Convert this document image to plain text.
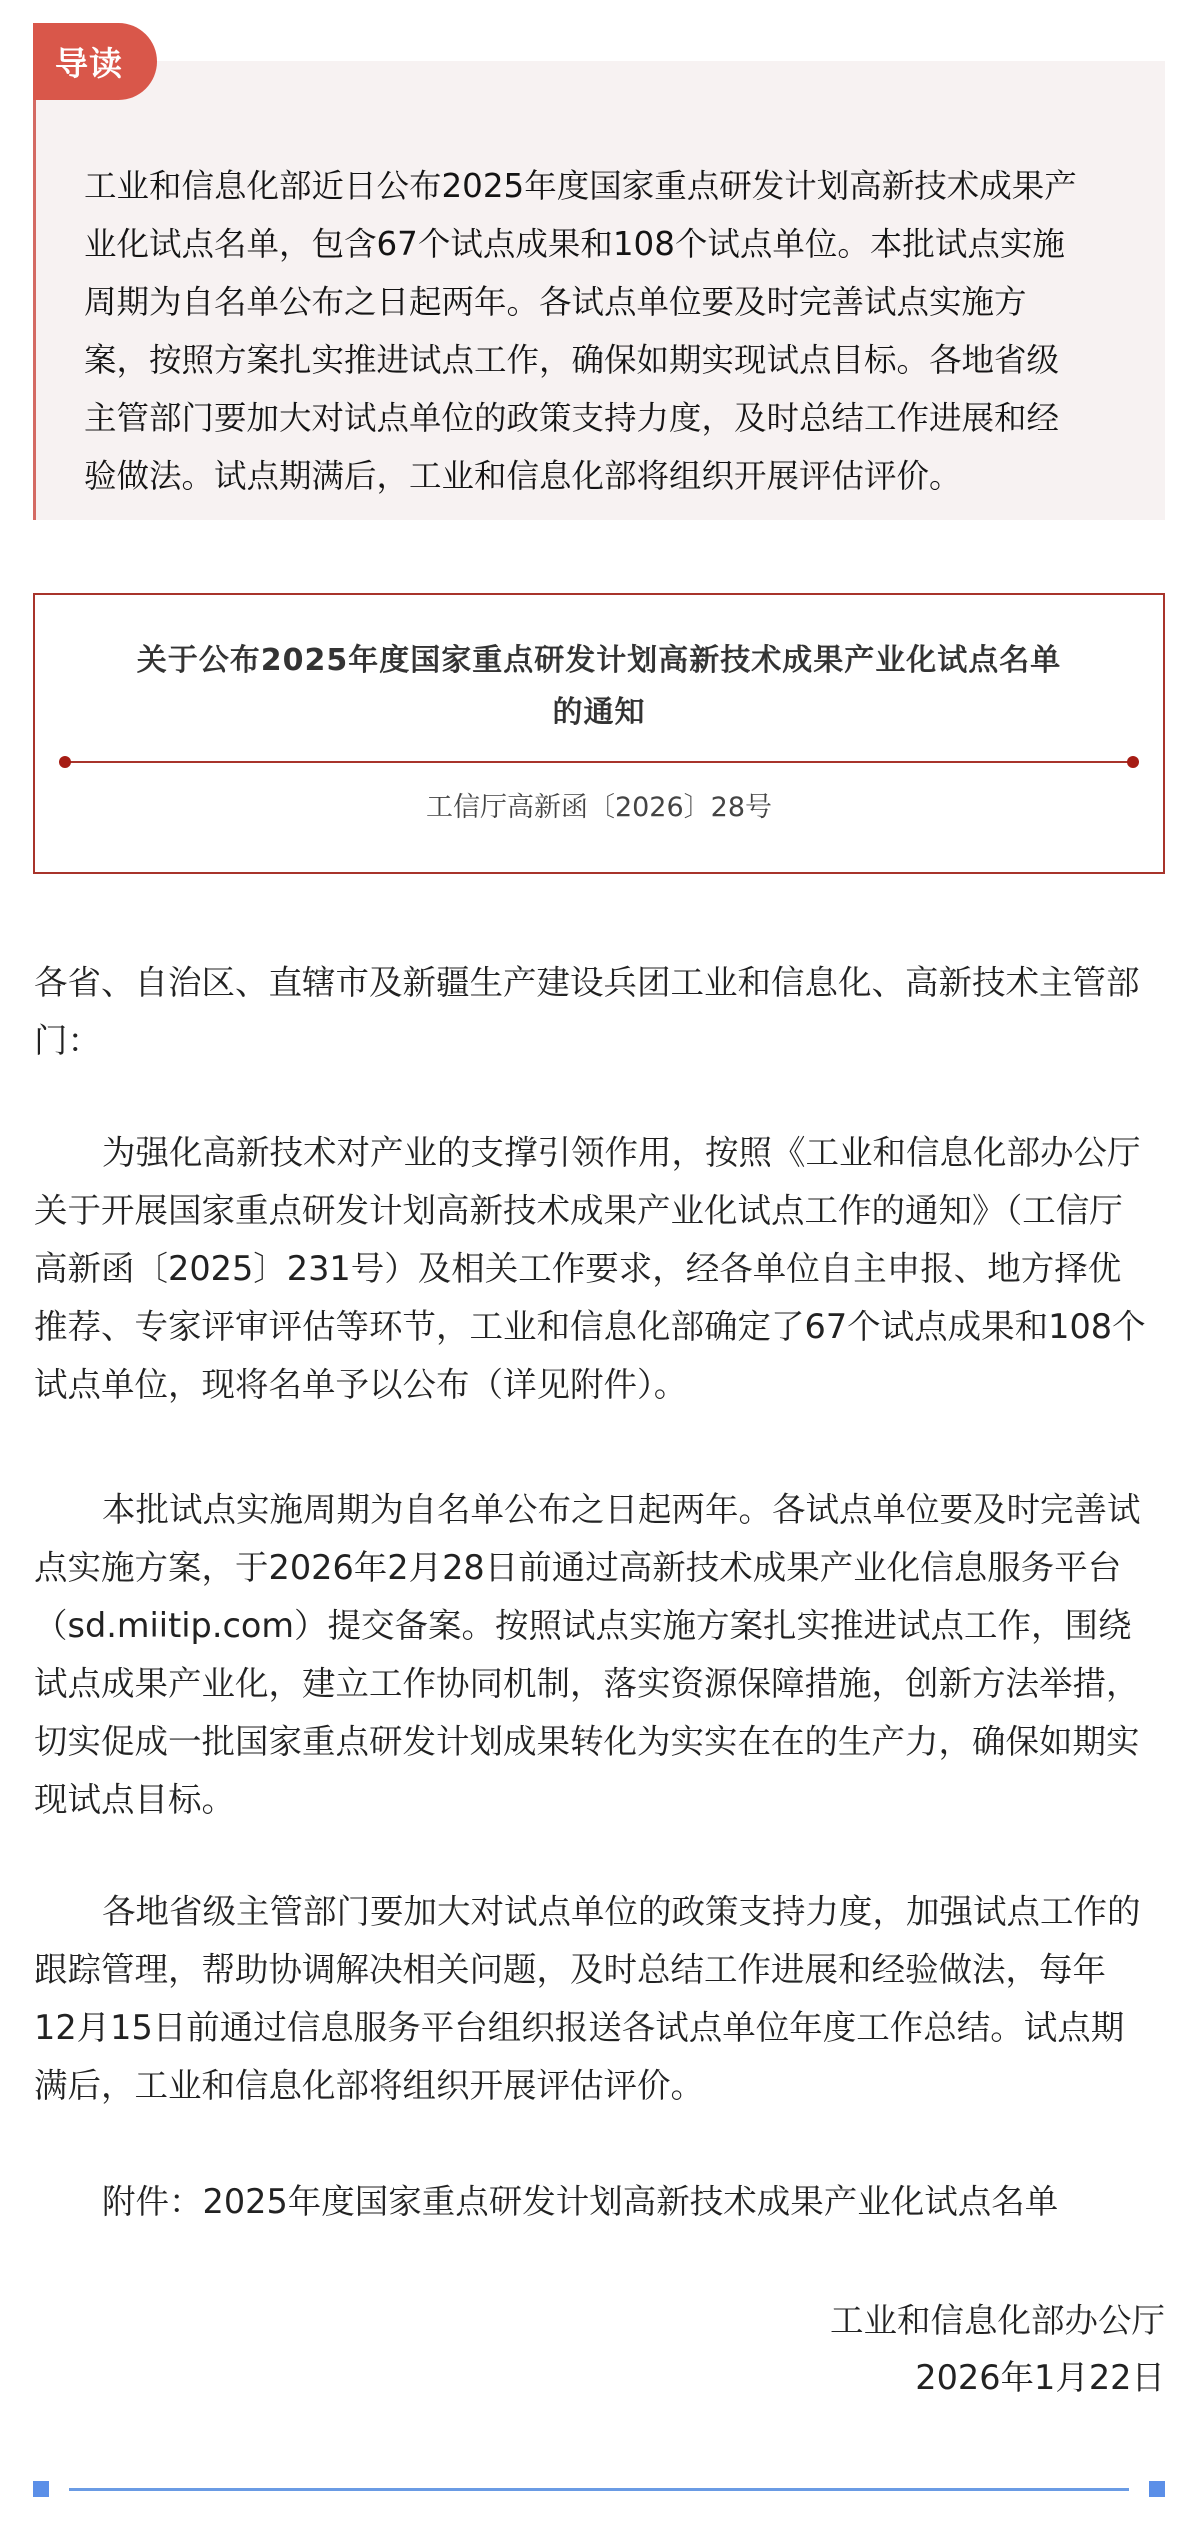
工业和信息化部近日公布2025年度国家重点研发计划高新技术成果产
业化试点名单，包含67个试点成果和108个试点单位。本批试点实施
周期为自名单公布之日起两年。各试点单位要及时完善试点实施方
案，按照方案扎实推进试点工作，确保如期实现试点目标。各地省级
主管部门要加大对试点单位的政策支持力度，及时总结工作进展和经
验做法。试点期满后，工业和信息化部将组织开展评估评价。
导读
关于公布2025年度国家重点研发计划高新技术成果产业化试点名单
的通知
工信厅高新函〔2026〕28号
各省、自治区、直辖市及新疆生产建设兵团工业和信息化、高新技术主管部
门：
为强化高新技术对产业的支撑引领作用，按照《工业和信息化部办公厅
关于开展国家重点研发计划高新技术成果产业化试点工作的通知》（工信厅
高新函〔2025〕231号）及相关工作要求，经各单位自主申报、地方择优
推荐、专家评审评估等环节，工业和信息化部确定了67个试点成果和108个
试点单位，现将名单予以公布（详见附件）。
本批试点实施周期为自名单公布之日起两年。各试点单位要及时完善试
点实施方案，于2026年2月28日前通过高新技术成果产业化信息服务平台
（sd.miitip.com）提交备案。按照试点实施方案扎实推进试点工作，围绕
试点成果产业化，建立工作协同机制，落实资源保障措施，创新方法举措，
切实促成一批国家重点研发计划成果转化为实实在在的生产力，确保如期实
现试点目标。
各地省级主管部门要加大对试点单位的政策支持力度，加强试点工作的
跟踪管理，帮助协调解决相关问题，及时总结工作进展和经验做法，每年
12月15日前通过信息服务平台组织报送各试点单位年度工作总结。试点期
满后，工业和信息化部将组织开展评估评价。
附件：2025年度国家重点研发计划高新技术成果产业化试点名单
工业和信息化部办公厅
2026年1月22日
